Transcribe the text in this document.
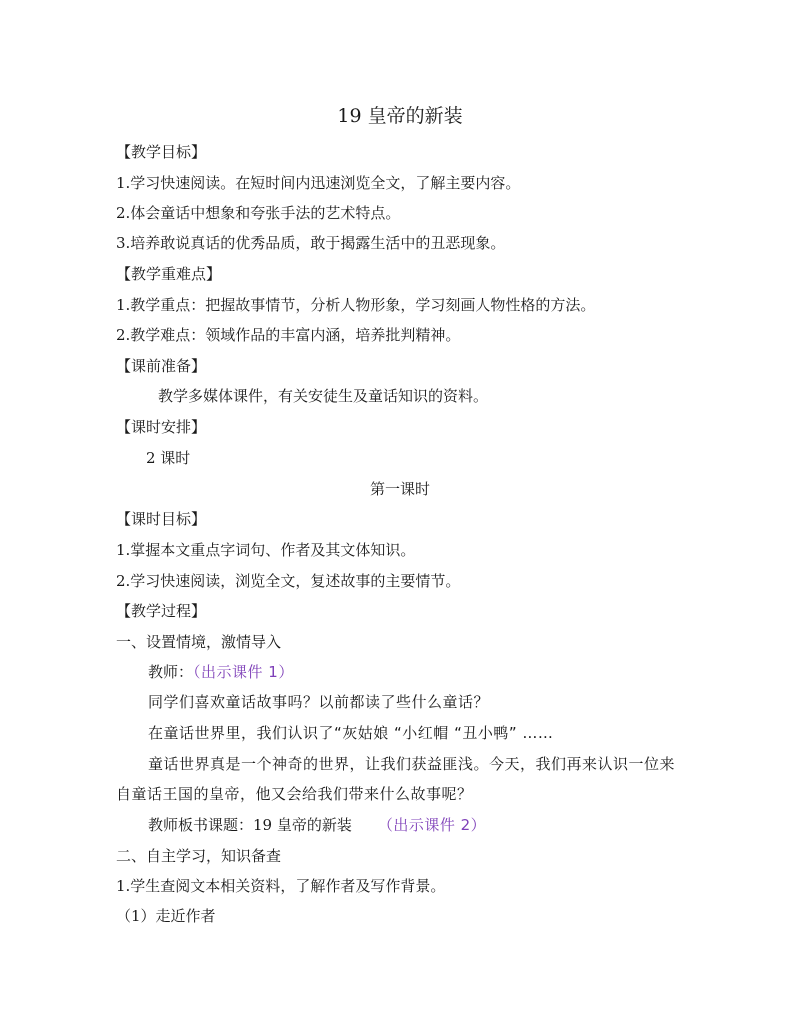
19 皇帝的新装
【教学目标】
1.学习快速阅读。在短时间内迅速浏览全文，了解主要内容。
2.体会童话中想象和夸张手法的艺术特点。
3.培养敢说真话的优秀品质，敢于揭露生活中的丑恶现象。
【教学重难点】
1.教学重点：把握故事情节，分析人物形象，学习刻画人物性格的方法。
2.教学难点：领域作品的丰富内涵，培养批判精神。
【课前准备】
教学多媒体课件，有关安徒生及童话知识的资料。
【课时安排】
2 课时
第一课时
【课时目标】
1.掌握本文重点字词句、作者及其文体知识。
2.学习快速阅读，浏览全文，复述故事的主要情节。
【教学过程】
一、设置情境，激情导入
教师：（出示课件 1）
同学们喜欢童话故事吗？以前都读了些什么童话？
在童话世界里，我们认识了“灰姑娘 “小红帽 “丑小鸭” ……
童话世界真是一个神奇的世界，让我们获益匪浅。今天，我们再来认识一位来
自童话王国的皇帝，他又会给我们带来什么故事呢？
教师板书课题：19 皇帝的新装 （出示课件 2）
二、自主学习，知识备查
1.学生查阅文本相关资料，了解作者及写作背景。
（1）走近作者
